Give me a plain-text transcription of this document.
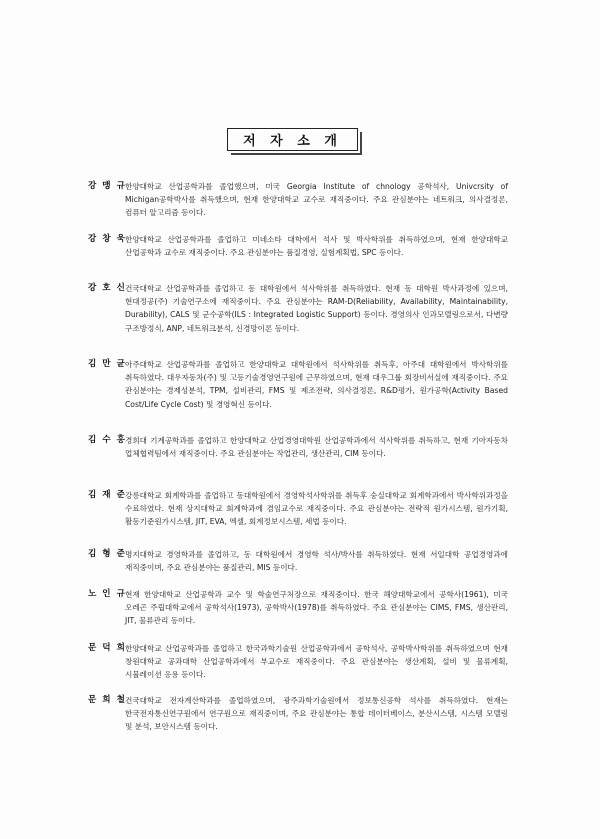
저 자 소 개
강 맹 규
한양대학교 산업공학과를 졸업했으며, 미국 Georgia Institute of chnology 공학석사, Univcrsity of Michigan공학박사를 취득했으며, 현재 한양대학교 교수로 재직중이다. 주요 관심분야는 네트워크, 의사결정론, 컴퓨터 알고리즘 등이다.
강 창 욱
한양대학교 산업공학과를 졸업하고 미네소타 대학에서 석사 및 박사학위를 취득하였으며, 현재 한양대학교 산업공학과 교수로 재직중이다. 주요 관심분야는 품질경영, 실험계획법, SPC 등이다.
강 호 신
건국대학교 산업공학과를 졸업하고 동 대학원에서 석사학위를 취득하였다. 현재 동 대학원 박사과정에 있으며, 현대정공(주) 기술연구소에 재직중이다. 주요 관심분야는 RAM-D(Reliability, Availability, Maintainability, Durability), CALS 및 군수공학(ILS : Integrated Logistic Support) 등이다. 경영의사 인과모델링으로서, 다변량 구조방정식, ANP, 네트워크분석, 신경망이론 등이다.
김 만 균
아주대학교 산업공학과를 졸업하고 한양대학교 대학원에서 석사학위를 취득후, 아주대 대학원에서 박사학위를 취득하였다. 대우자동차(주) 및 고등기술경영연구원에 근무하였으며, 현재 대우그룹 회장비서실에 재직중이다. 주요 관심분야는 경제성분석, TPM, 설비관리, FMS 및 제조전략, 의사결정론, R&D평가, 원가공학(Activity Based Cost/Life Cycle Cost) 및 경영혁신 등이다.
김 수 홍
경희대 기계공학과를 졸업하고 한양대학교 산업경영대학원 산업공학과에서 석사학위를 취득하고, 현재 기아자동차 업체협력팀에서 재직중이다. 주요 관심분야는 작업관리, 생산관리, CIM 등이다.
김 재 준
강릉대학교 회계학과를 졸업하고 동대학원에서 경영학석사학위를 취득후 숭실대학교 회계학과에서 박사학위과정을 수료하였다. 현재 상지대학교 회계학과에 겸임교수로 재직중이다. 주요 관심분야는 전략적 원가시스템, 원가기획, 활동기준원가시스템, JIT, EVA, 엑셀, 회계정보시스템, 세법 등이다.
김 형 준
명지대학교 경영학과를 졸업하고, 동 대학원에서 경영학 석사/박사를 취득하였다. 현재 서일대학 공업경영과에 재직중이며, 주요 관심분야는 품질관리, MIS 등이다.
노 인 규
현재 한양대학교 산업공학과 교수 및 학술연구처장으로 재직중이다. 한국 해양대학교에서 공학사(1961), 미국 오레곤 주립대학교에서 공학석사(1973), 공학박사(1978)를 취득하였다. 주요 관심분야는 CIMS, FMS, 생산관리, JIT, 물류관리 등이다.
문 덕 희
한양대학교 산업공학과를 졸업하고 한국과학기술원 산업공학과에서 공학석사, 공학박사학위를 취득하였으며 현재 창원대학교 공과대학 산업공학과에서 부교수로 재직중이다. 주요 관심분야는 생산계획, 설비 및 물류계획, 시뮬레이션 응용 등이다.
문 희 철
건국대학교 전자계산학과를 졸업하였으며, 광주과학기술원에서 정보통신공학 석사를 취득하였다. 현재는 한국전자통신연구원에서 연구원으로 재직중이며, 주요 관심분야는 통합 데이터베이스, 분산시스템, 시스템 모델링 및 분석, 보안시스템 등이다.
